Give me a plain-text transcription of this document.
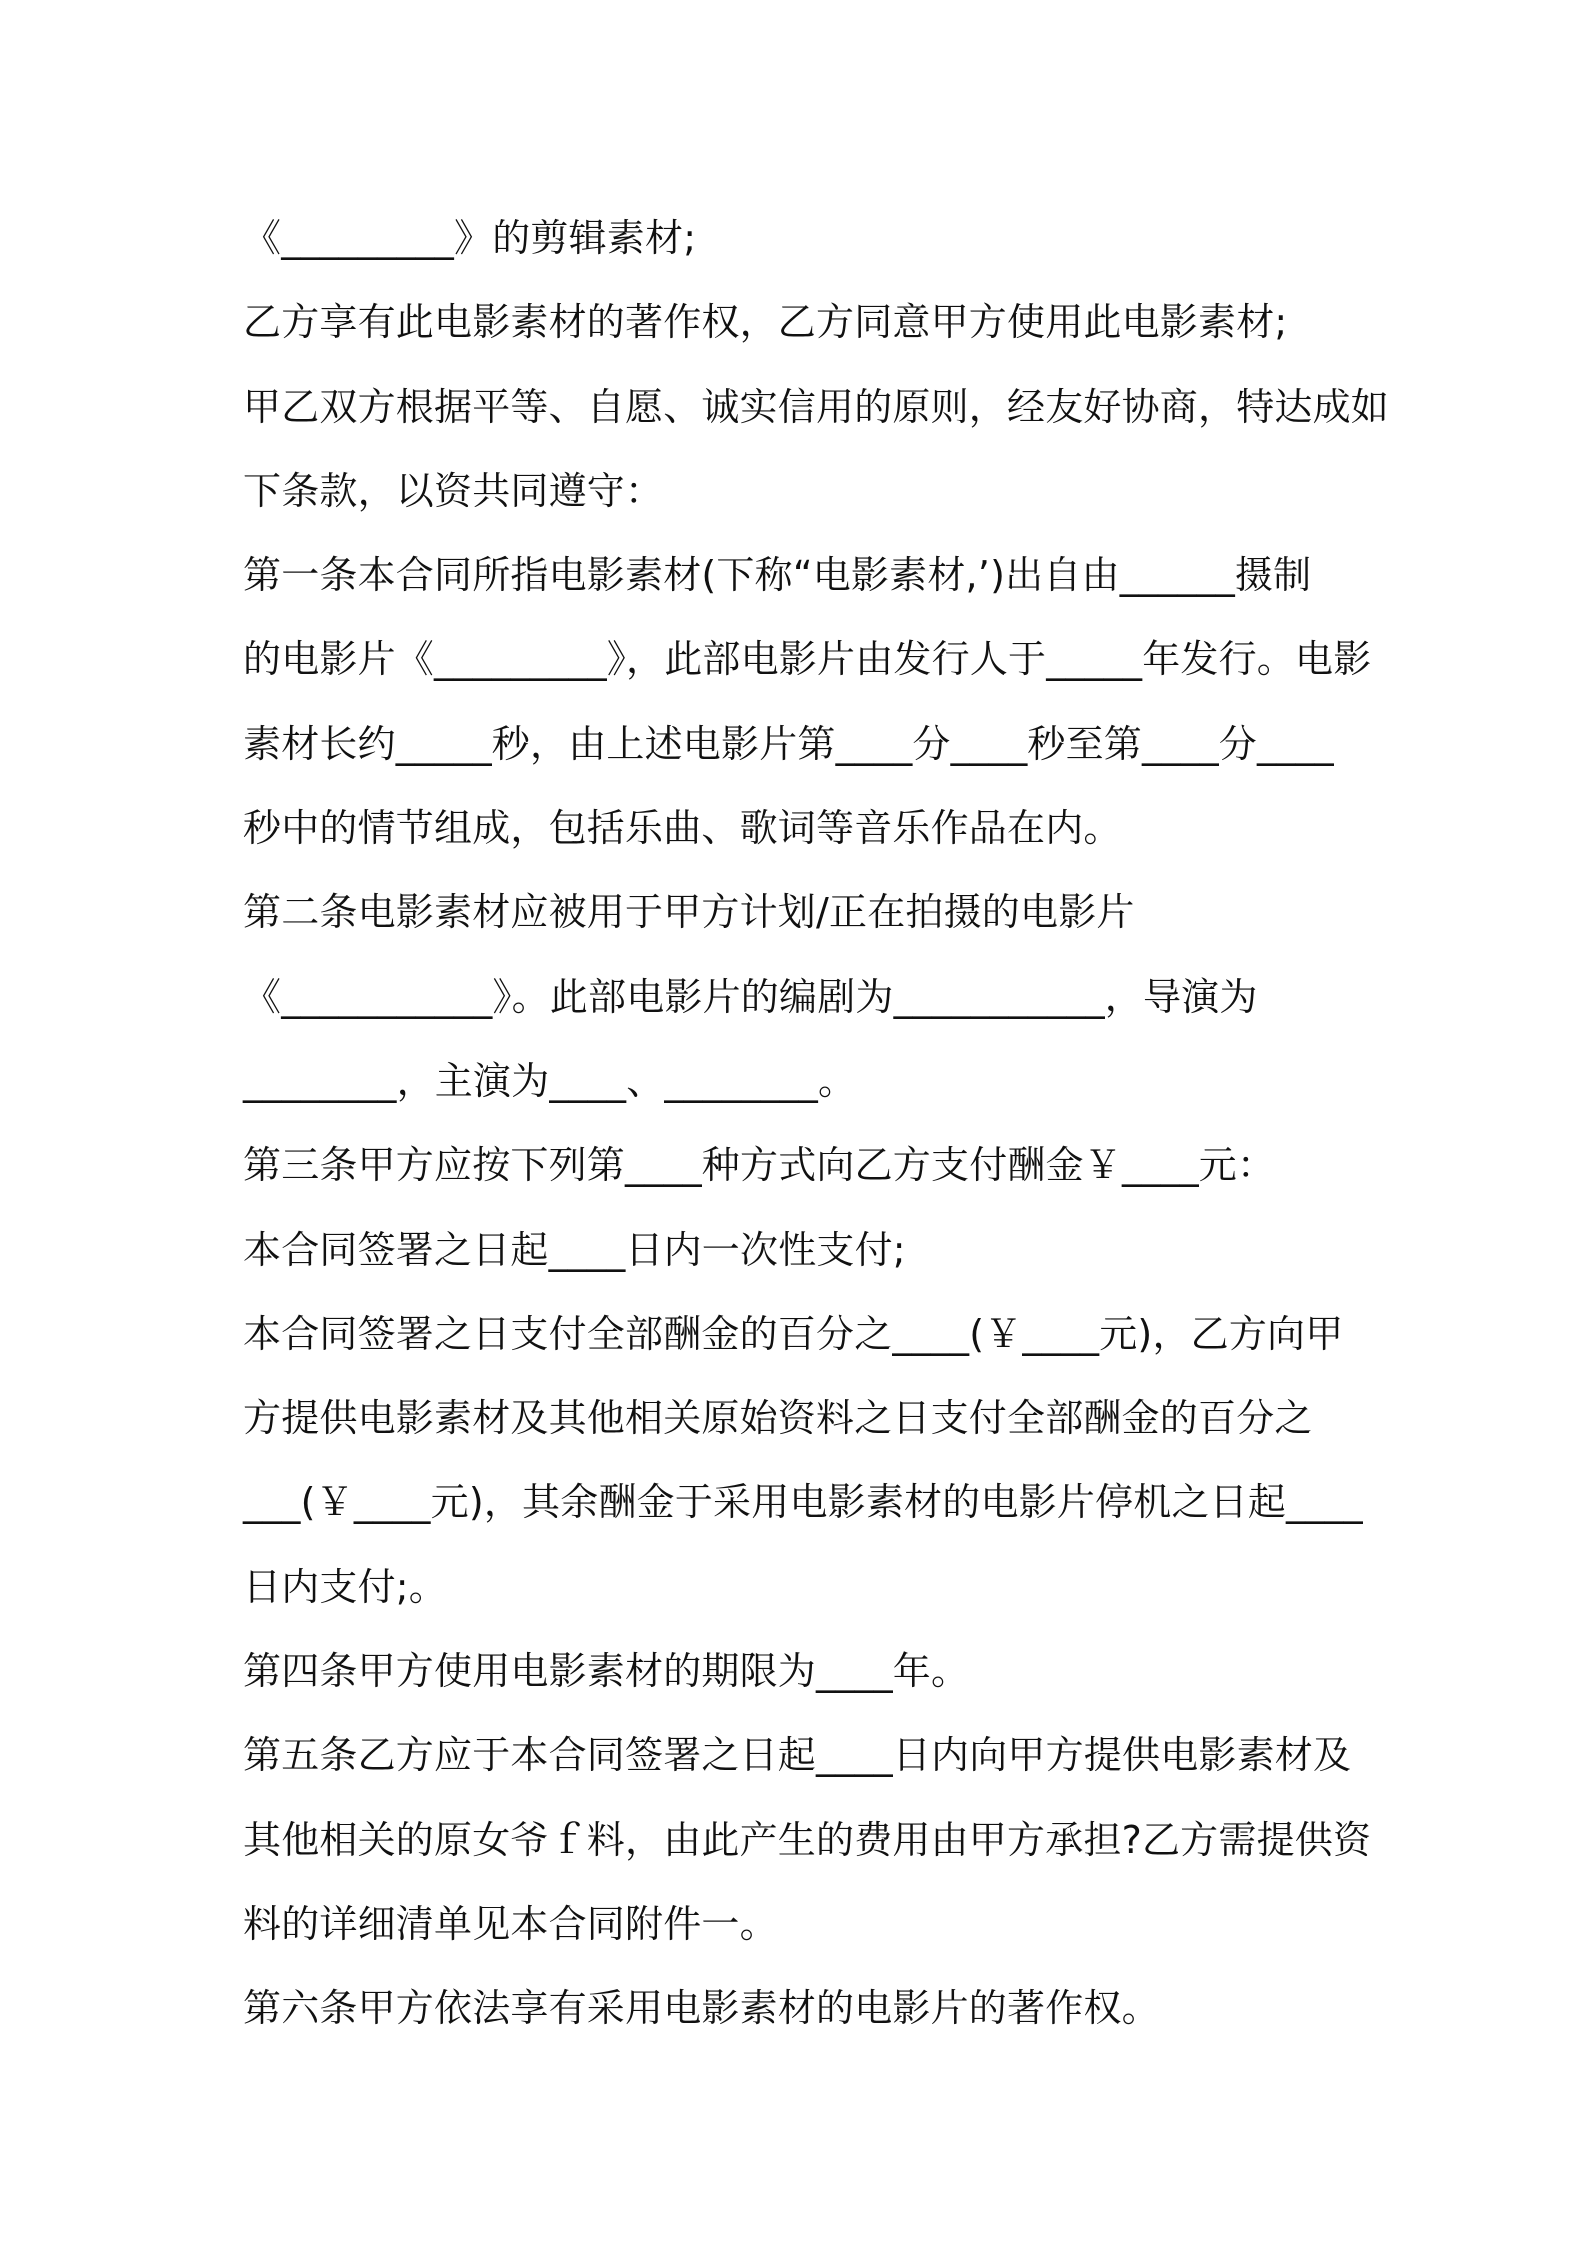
《_________》的剪辑素材;
乙方享有此电影素材的著作权，乙方同意甲方使用此电影素材;
甲乙双方根据平等、自愿、诚实信用的原则，经友好协商，特达成如
下条款，以资共同遵守：
第一条本合同所指电影素材(下称“电影素材,’)出自由______摄制
的电影片《_________》，此部电影片由发行人于_____年发行。电影
素材长约_____秒，由上述电影片第____分____秒至第____分____
秒中的情节组成，包括乐曲、歌词等音乐作品在内。
第二条电影素材应被用于甲方计划/正在拍摄的电影片
《___________》。此部电影片的编剧为___________，导演为
________，主演为____、________。
第三条甲方应按下列第____种方式向乙方支付酬金￥____元：
本合同签署之日起____日内一次性支付;
本合同签署之日支付全部酬金的百分之____(￥____元)，乙方向甲
方提供电影素材及其他相关原始资料之日支付全部酬金的百分之
___(￥____元)，其余酬金于采用电影素材的电影片停机之日起____
日内支付;。
第四条甲方使用电影素材的期限为____年。
第五条乙方应于本合同签署之日起____日内向甲方提供电影素材及
其他相关的原女爷ｆ料，由此产生的费用由甲方承担?乙方需提供资
料的详细清单见本合同附件一。
第六条甲方依法享有采用电影素材的电影片的著作权。
